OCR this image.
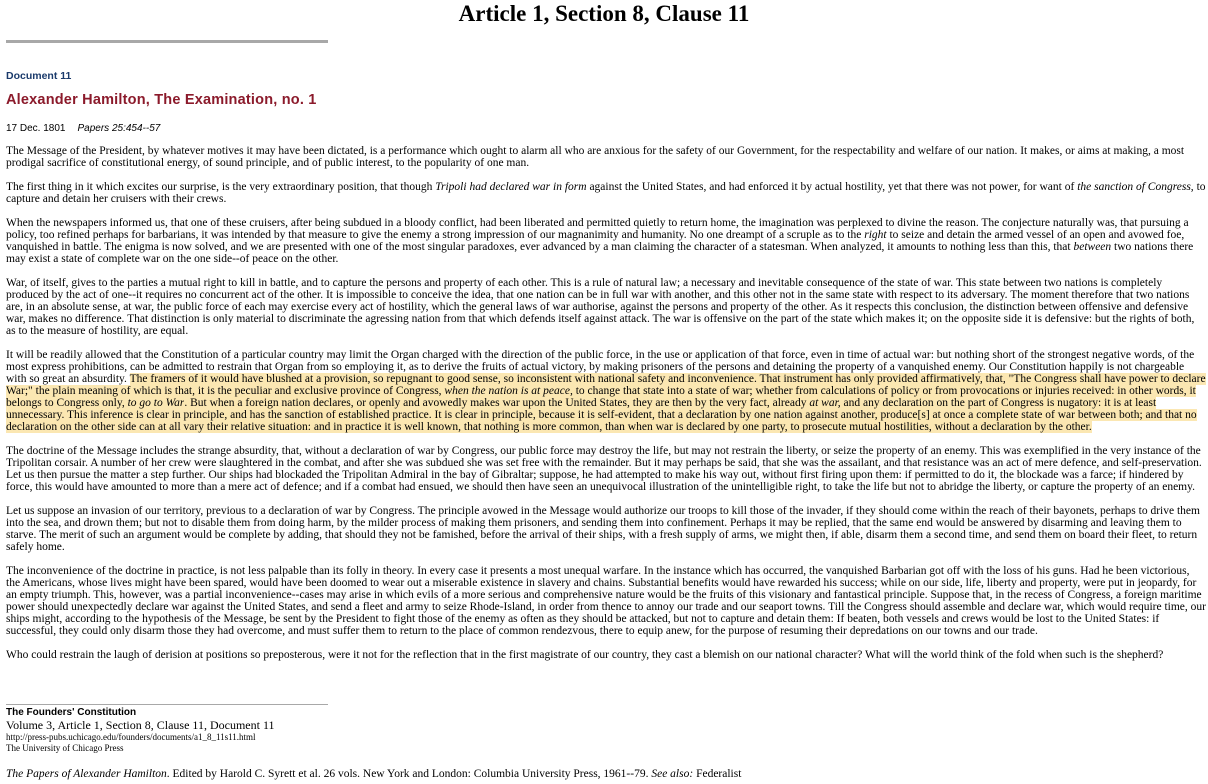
Article 1, Section 8, Clause 11
Document 11
Alexander Hamilton, The Examination, no. 1
17 Dec. 1801 Papers 25:454--57

The Message of the President, by whatever motives it may have been dictated, is a performance which ought to alarm all who are anxious for the safety of our Government, for the respectability and welfare of our nation. It makes, or aims at making, a most prodigal sacrifice of constitutional energy, of sound principle, and of public interest, to the popularity of one man.

The first thing in it which excites our surprise, is the very extraordinary position, that though Tripoli had declared war in form against the United States, and had enforced it by actual hostility, yet that there was not power, for want of the sanction of Congress, to capture and detain her cruisers with their crews.

When the newspapers informed us, that one of these cruisers, after being subdued in a bloody conflict, had been liberated and permitted quietly to return home, the imagination was perplexed to divine the reason. The conjecture naturally was, that pursuing a policy, too refined perhaps for barbarians, it was intended by that measure to give the enemy a strong impression of our magnanimity and humanity. No one dreampt of a scruple as to the right to seize and detain the armed vessel of an open and avowed foe, vanquished in battle. The enigma is now solved, and we are presented with one of the most singular paradoxes, ever advanced by a man claiming the character of a statesman. When analyzed, it amounts to nothing less than this, that between two nations there may exist a state of complete war on the one side--of peace on the other.

War, of itself, gives to the parties a mutual right to kill in battle, and to capture the persons and property of each other. This is a rule of natural law; a necessary and inevitable consequence of the state of war. This state between two nations is completely produced by the act of one--it requires no concurrent act of the other. It is impossible to conceive the idea, that one nation can be in full war with another, and this other not in the same state with respect to its adversary. The moment therefore that two nations are, in an absolute sense, at war, the public force of each may exercise every act of hostility, which the general laws of war authorise, against the persons and property of the other. As it respects this conclusion, the distinction between offensive and defensive war, makes no difference. That distinction is only material to discriminate the agressing nation from that which defends itself against attack. The war is offensive on the part of the state which makes it; on the opposite side it is defensive: but the rights of both, as to the measure of hostility, are equal.

It will be readily allowed that the Constitution of a particular country may limit the Organ charged with the direction of the public force, in the use or application of that force, even in time of actual war: but nothing short of the strongest negative words, of the most express prohibitions, can be admitted to restrain that Organ from so employing it, as to derive the fruits of actual victory, by making prisoners of the persons and detaining the property of a vanquished enemy. Our Constitution happily is not chargeable with so great an absurdity. The framers of it would have blushed at a provision, so repugnant to good sense, so inconsistent with national safety and inconvenience. That instrument has only provided affirmatively, that, "The Congress shall have power to declare War;" the plain meaning of which is that, it is the peculiar and exclusive province of Congress, when the nation is at peace, to change that state into a state of war; whether from calculations of policy or from provocations or injuries received: in other words, it belongs to Congress only, to go to War. But when a foreign nation declares, or openly and avowedly makes war upon the United States, they are then by the very fact, already at war, and any declaration on the part of Congress is nugatory: it is at least unnecessary. This inference is clear in principle, and has the sanction of established practice. It is clear in principle, because it is self-evident, that a declaration by one nation against another, produce[s] at once a complete state of war between both; and that no declaration on the other side can at all vary their relative situation: and in practice it is well known, that nothing is more common, than when war is declared by one party, to prosecute mutual hostilities, without a declaration by the other.

The doctrine of the Message includes the strange absurdity, that, without a declaration of war by Congress, our public force may destroy the life, but may not restrain the liberty, or seize the property of an enemy. This was exemplified in the very instance of the Tripolitan corsair. A number of her crew were slaughtered in the combat, and after she was subdued she was set free with the remainder. But it may perhaps be said, that she was the assailant, and that resistance was an act of mere defence, and self-preservation. Let us then pursue the matter a step further. Our ships had blockaded the Tripolitan Admiral in the bay of Gibraltar; suppose, he had attempted to make his way out, without first firing upon them: if permitted to do it, the blockade was a farce; if hindered by force, this would have amounted to more than a mere act of defence; and if a combat had ensued, we should then have seen an unequivocal illustration of the unintelligible right, to take the life but not to abridge the liberty, or capture the property of an enemy.

Let us suppose an invasion of our territory, previous to a declaration of war by Congress. The principle avowed in the Message would authorize our troops to kill those of the invader, if they should come within the reach of their bayonets, perhaps to drive them into the sea, and drown them; but not to disable them from doing harm, by the milder process of making them prisoners, and sending them into confinement. Perhaps it may be replied, that the same end would be answered by disarming and leaving them to starve. The merit of such an argument would be complete by adding, that should they not be famished, before the arrival of their ships, with a fresh supply of arms, we might then, if able, disarm them a second time, and send them on board their fleet, to return safely home.

The inconvenience of the doctrine in practice, is not less palpable than its folly in theory. In every case it presents a most unequal warfare. In the instance which has occurred, the vanquished Barbarian got off with the loss of his guns. Had he been victorious, the Americans, whose lives might have been spared, would have been doomed to wear out a miserable existence in slavery and chains. Substantial benefits would have rewarded his success; while on our side, life, liberty and property, were put in jeopardy, for an empty triumph. This, however, was a partial inconvenience--cases may arise in which evils of a more serious and comprehensive nature would be the fruits of this visionary and fantastical principle. Suppose that, in the recess of Congress, a foreign maritime power should unexpectedly declare war against the United States, and send a fleet and army to seize Rhode-Island, in order from thence to annoy our trade and our seaport towns. Till the Congress should assemble and declare war, which would require time, our ships might, according to the hypothesis of the Message, be sent by the President to fight those of the enemy as often as they should be attacked, but not to capture and detain them: If beaten, both vessels and crews would be lost to the United States: if successful, they could only disarm those they had overcome, and must suffer them to return to the place of common rendezvous, there to equip anew, for the purpose of resuming their depredations on our towns and our trade.

Who could restrain the laugh of derision at positions so preposterous, were it not for the reflection that in the first magistrate of our country, they cast a blemish on our national character? What will the world think of the fold when such is the shepherd?

The Founders' Constitution
Volume 3, Article 1, Section 8, Clause 11, Document 11
http://press-pubs.uchicago.edu/founders/documents/a1_8_11s11.html
The University of Chicago Press
The Papers of Alexander Hamilton. Edited by Harold C. Syrett et al. 26 vols. New York and London: Columbia University Press, 1961--79. See also: Federalist
